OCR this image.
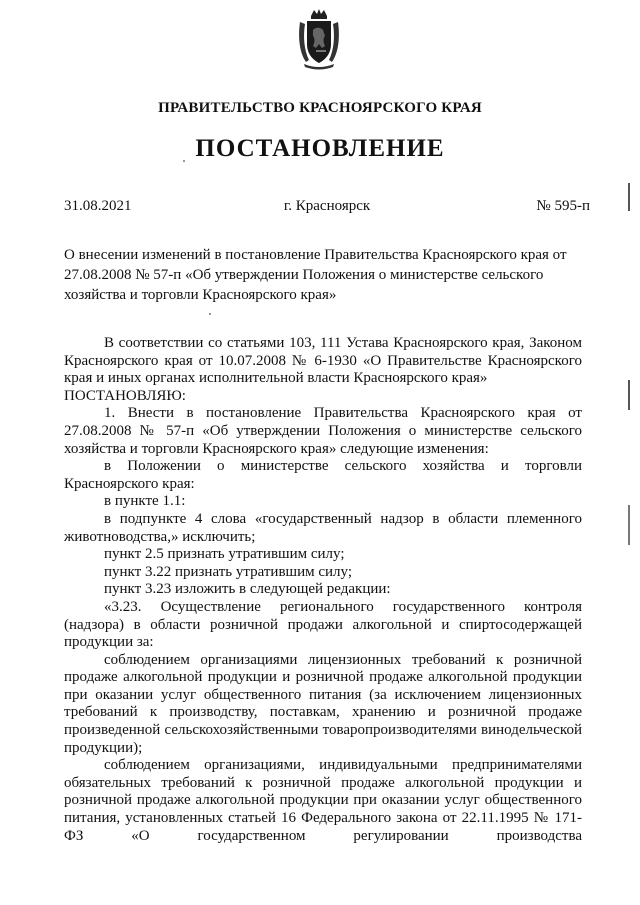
ПРАВИТЕЛЬСТВО КРАСНОЯРСКОГО КРАЯ
ПОСТАНОВЛЕНИЕ
31.08.2021	г. Красноярск	№ 595-п
О внесении изменений в постановление Правительства Красноярского края от 27.08.2008 № 57-п «Об утверждении Положения о министерстве сельского хозяйства и торговли Красноярского края»

В соответствии со статьями 103, 111 Устава Красноярского края, Законом Красноярского края от 10.07.2008 № 6-1930 «О Правительстве Красноярского края и иных органах исполнительной власти Красноярского края»

ПОСТАНОВЛЯЮ:

1. Внести в постановление Правительства Красноярского края от 27.08.2008 № 57-п «Об утверждении Положения о министерстве сельского хозяйства и торговли Красноярского края» следующие изменения:

в Положении о министерстве сельского хозяйства и торговли Красноярского края:

в пункте 1.1:

в подпункте 4 слова «государственный надзор в области племенного животноводства,» исключить;

пункт 2.5 признать утратившим силу;

пункт 3.22 признать утратившим силу;

пункт 3.23 изложить в следующей редакции:

«3.23. Осуществление регионального государственного контроля (надзора) в области розничной продажи алкогольной и спиртосодержащей продукции за:

соблюдением организациями лицензионных требований к розничной продаже алкогольной продукции и розничной продаже алкогольной продукции при оказании услуг общественного питания (за исключением лицензионных требований к производству, поставкам, хранению и розничной продаже произведенной сельскохозяйственными товаропроизводителями винодельческой продукции);

соблюдением организациями, индивидуальными предпринимателями обязательных требований к розничной продаже алкогольной продукции и розничной продаже алкогольной продукции при оказании услуг общественного питания, установленных статьей 16 Федерального закона от 22.11.1995 № 171-ФЗ «О государственном регулировании производства
